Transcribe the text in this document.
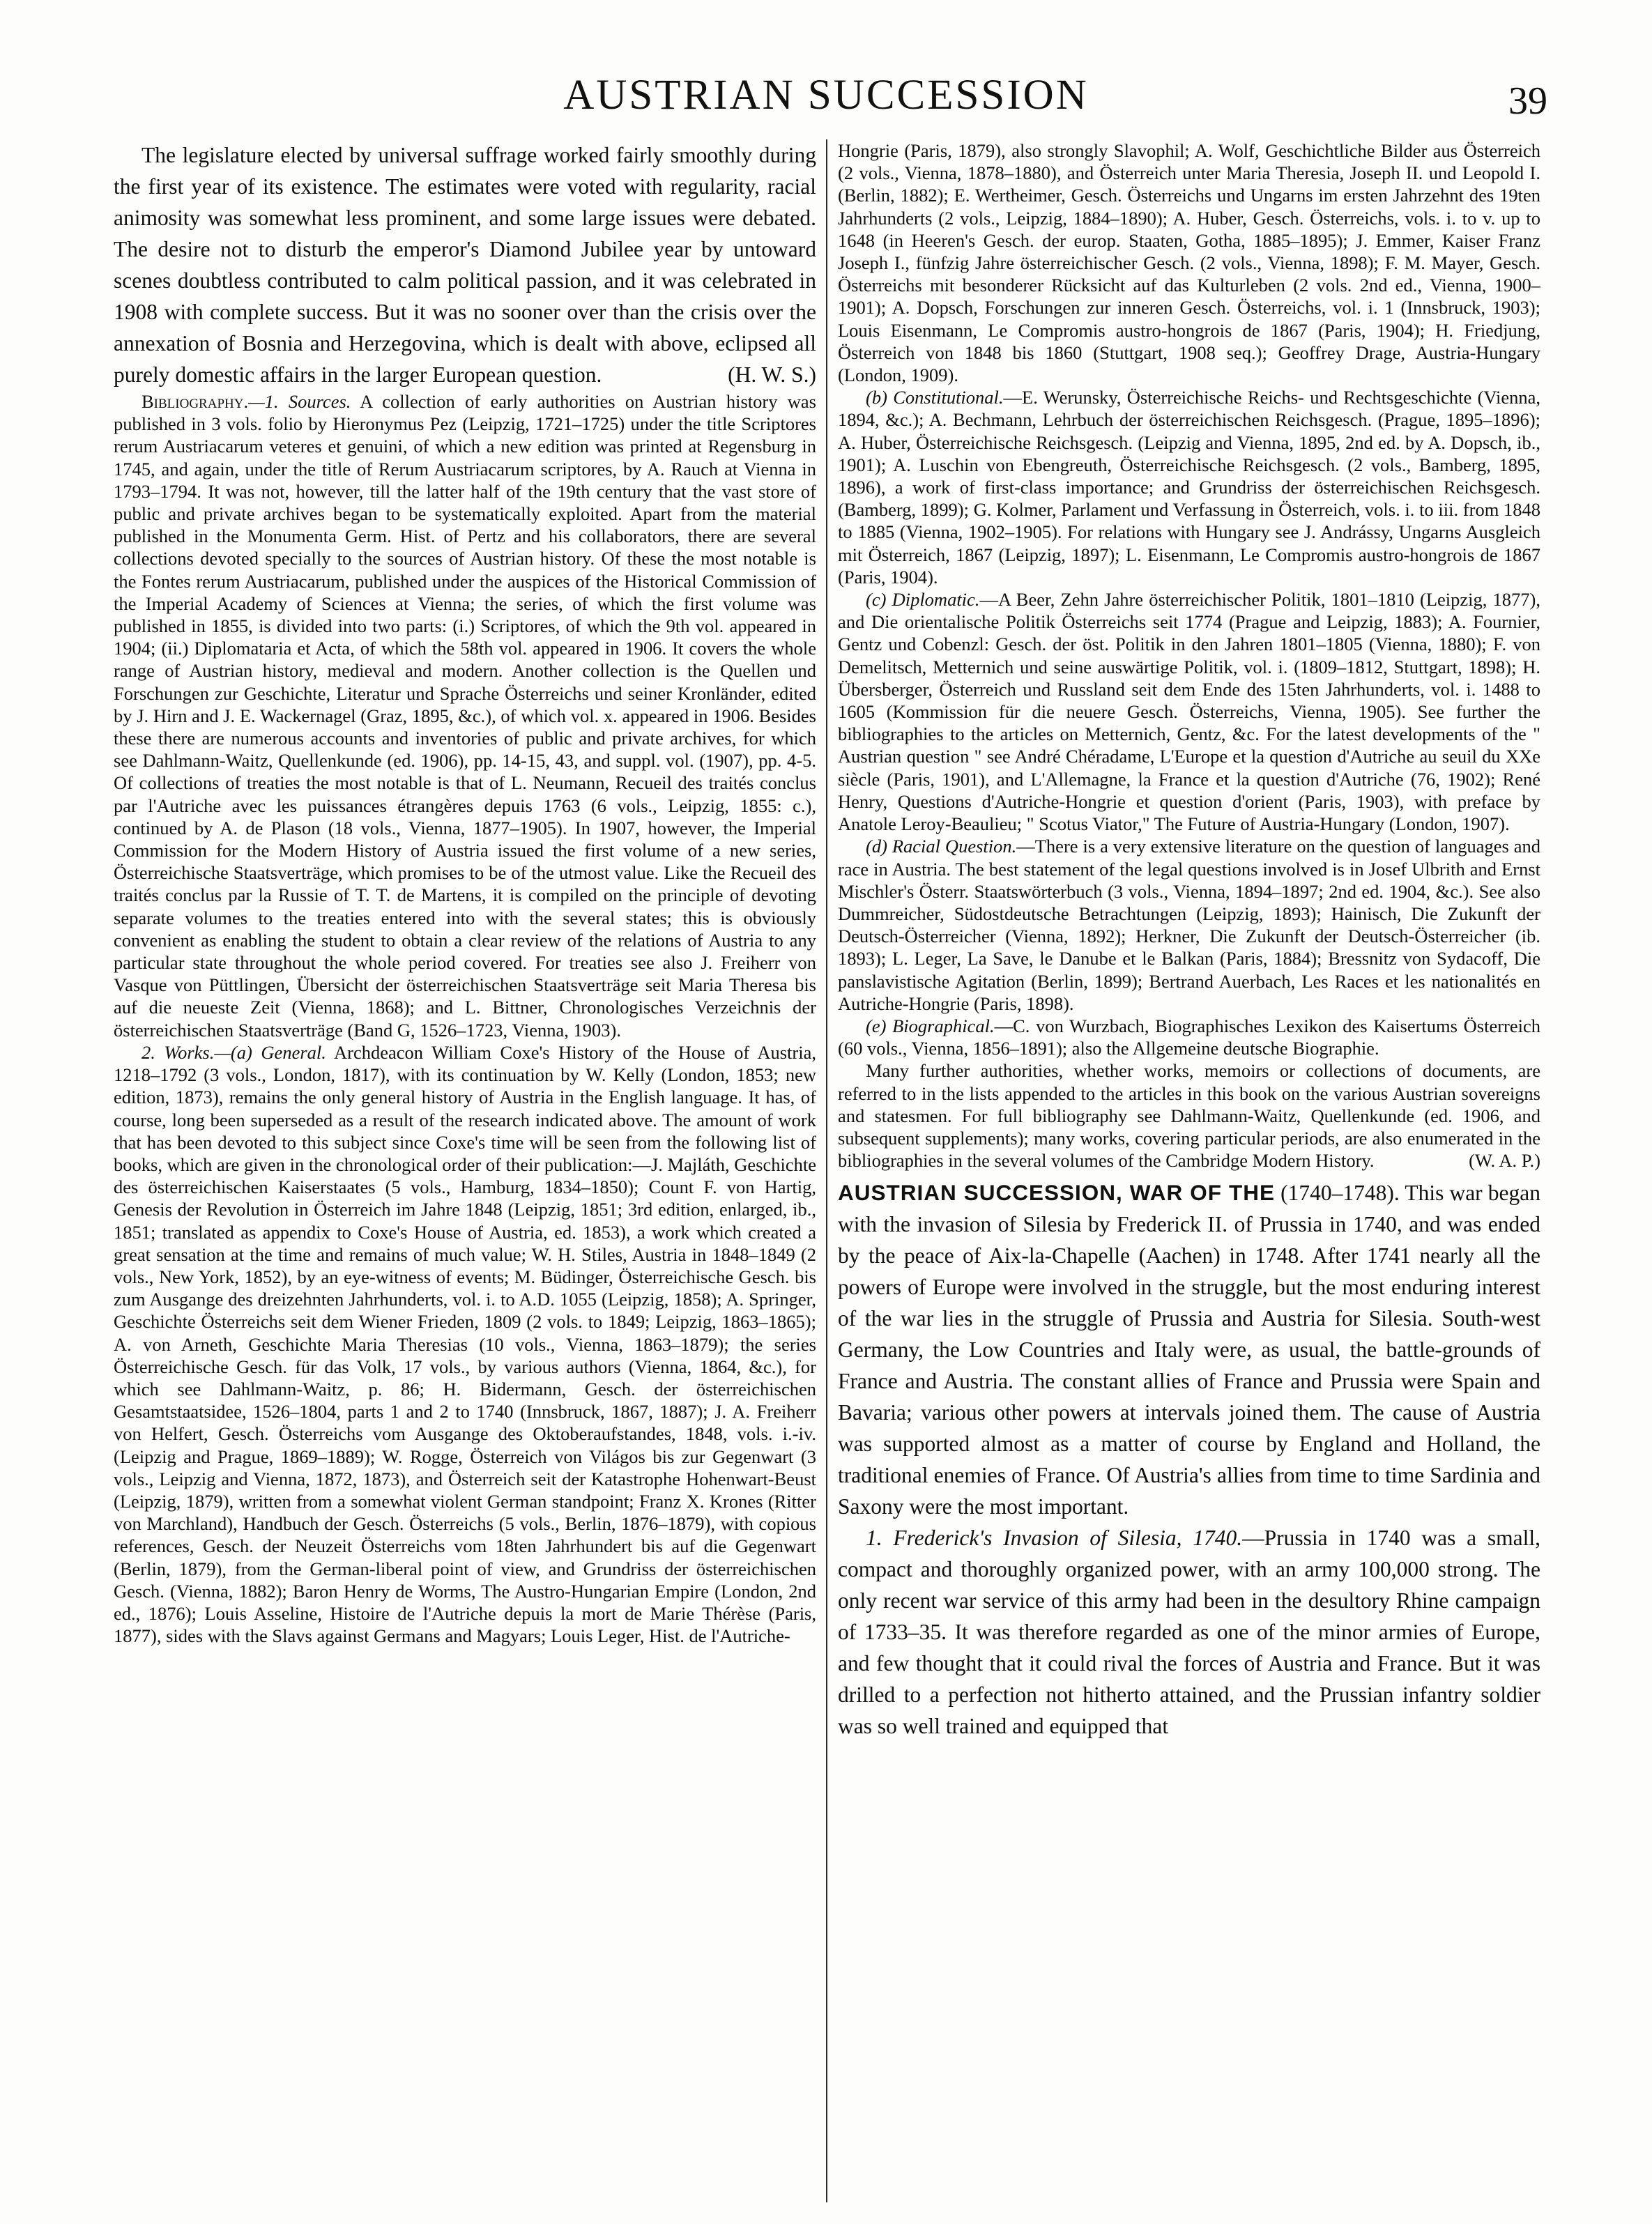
AUSTRIAN SUCCESSION	39

The legislature elected by universal suffrage worked fairly smoothly during the first year of its existence. The estimates were voted with regularity, racial animosity was somewhat less prominent, and some large issues were debated. The desire not to disturb the emperor's Diamond Jubilee year by untoward scenes doubtless contributed to calm political passion, and it was celebrated in 1908 with complete success. But it was no sooner over than the crisis over the annexation of Bosnia and Herzegovina, which is dealt with above, eclipsed all purely domestic affairs in the larger European question.	(H. W. S.)

Bibliography.—1. Sources. A collection of early authorities on Austrian history was published in 3 vols. folio by Hieronymus Pez (Leipzig, 1721–1725) under the title Scriptores rerum Austriacarum veteres et genuini, of which a new edition was printed at Regensburg in 1745, and again, under the title of Rerum Austriacarum scriptores, by A. Rauch at Vienna in 1793–1794. It was not, however, till the latter half of the 19th century that the vast store of public and private archives began to be systematically exploited. Apart from the material published in the Monumenta Germ. Hist. of Pertz and his collaborators, there are several collections devoted specially to the sources of Austrian history. Of these the most notable is the Fontes rerum Austriacarum, published under the auspices of the Historical Commission of the Imperial Academy of Sciences at Vienna; the series, of which the first volume was published in 1855, is divided into two parts: (i.) Scriptores, of which the 9th vol. appeared in 1904; (ii.) Diplomataria et Acta, of which the 58th vol. appeared in 1906. It covers the whole range of Austrian history, medieval and modern. Another collection is the Quellen und Forschungen zur Geschichte, Literatur und Sprache Österreichs und seiner Kronländer, edited by J. Hirn and J. E. Wackernagel (Graz, 1895, &c.), of which vol. x. appeared in 1906. Besides these there are numerous accounts and inventories of public and private archives, for which see Dahlmann-Waitz, Quellenkunde (ed. 1906), pp. 14-15, 43, and suppl. vol. (1907), pp. 4-5. Of collections of treaties the most notable is that of L. Neumann, Recueil des traités conclus par l'Autriche avec les puissances étrangères depuis 1763 (6 vols., Leipzig, 1855: c.), continued by A. de Plason (18 vols., Vienna, 1877–1905). In 1907, however, the Imperial Commission for the Modern History of Austria issued the first volume of a new series, Österreichische Staatsverträge, which promises to be of the utmost value. Like the Recueil des traités conclus par la Russie of T. T. de Martens, it is compiled on the principle of devoting separate volumes to the treaties entered into with the several states; this is obviously convenient as enabling the student to obtain a clear review of the relations of Austria to any particular state throughout the whole period covered. For treaties see also J. Freiherr von Vasque von Püttlingen, Übersicht der österreichischen Staatsverträge seit Maria Theresa bis auf die neueste Zeit (Vienna, 1868); and L. Bittner, Chronologisches Verzeichnis der österreichischen Staatsverträge (Band G, 1526–1723, Vienna, 1903).

2. Works.—(a) General. Archdeacon William Coxe's History of the House of Austria, 1218–1792 (3 vols., London, 1817), with its continuation by W. Kelly (London, 1853; new edition, 1873), remains the only general history of Austria in the English language. It has, of course, long been superseded as a result of the research indicated above. The amount of work that has been devoted to this subject since Coxe's time will be seen from the following list of books, which are given in the chronological order of their publication:—J. Majláth, Geschichte des österreichischen Kaiserstaates (5 vols., Hamburg, 1834–1850); Count F. von Hartig, Genesis der Revolution in Österreich im Jahre 1848 (Leipzig, 1851; 3rd edition, enlarged, ib., 1851; translated as appendix to Coxe's House of Austria, ed. 1853), a work which created a great sensation at the time and remains of much value; W. H. Stiles, Austria in 1848–1849 (2 vols., New York, 1852), by an eye-witness of events; M. Büdinger, Österreichische Gesch. bis zum Ausgange des dreizehnten Jahrhunderts, vol. i. to A.D. 1055 (Leipzig, 1858); A. Springer, Geschichte Österreichs seit dem Wiener Frieden, 1809 (2 vols. to 1849; Leipzig, 1863–1865); A. von Arneth, Geschichte Maria Theresias (10 vols., Vienna, 1863–1879); the series Österreichische Gesch. für das Volk, 17 vols., by various authors (Vienna, 1864, &c.), for which see Dahlmann-Waitz, p. 86; H. Bidermann, Gesch. der österreichischen Gesamtstaatsidee, 1526–1804, parts 1 and 2 to 1740 (Innsbruck, 1867, 1887); J. A. Freiherr von Helfert, Gesch. Österreichs vom Ausgange des Oktoberaufstandes, 1848, vols. i.-iv. (Leipzig and Prague, 1869–1889); W. Rogge, Österreich von Világos bis zur Gegenwart (3 vols., Leipzig and Vienna, 1872, 1873), and Österreich seit der Katastrophe Hohenwart-Beust (Leipzig, 1879), written from a somewhat violent German standpoint; Franz X. Krones (Ritter von Marchland), Handbuch der Gesch. Österreichs (5 vols., Berlin, 1876–1879), with copious references, Gesch. der Neuzeit Österreichs vom 18ten Jahrhundert bis auf die Gegenwart (Berlin, 1879), from the German-liberal point of view, and Grundriss der österreichischen Gesch. (Vienna, 1882); Baron Henry de Worms, The Austro-Hungarian Empire (London, 2nd ed., 1876); Louis Asseline, Histoire de l'Autriche depuis la mort de Marie Thérèse (Paris, 1877), sides with the Slavs against Germans and Magyars; Louis Leger, Hist. de l'Autriche-

Hongrie (Paris, 1879), also strongly Slavophil; A. Wolf, Geschichtliche Bilder aus Österreich (2 vols., Vienna, 1878–1880), and Österreich unter Maria Theresia, Joseph II. und Leopold I. (Berlin, 1882); E. Wertheimer, Gesch. Österreichs und Ungarns im ersten Jahrzehnt des 19ten Jahrhunderts (2 vols., Leipzig, 1884–1890); A. Huber, Gesch. Österreichs, vols. i. to v. up to 1648 (in Heeren's Gesch. der europ. Staaten, Gotha, 1885–1895); J. Emmer, Kaiser Franz Joseph I., fünfzig Jahre österreichischer Gesch. (2 vols., Vienna, 1898); F. M. Mayer, Gesch. Österreichs mit besonderer Rücksicht auf das Kulturleben (2 vols. 2nd ed., Vienna, 1900–1901); A. Dopsch, Forschungen zur inneren Gesch. Österreichs, vol. i. 1 (Innsbruck, 1903); Louis Eisenmann, Le Compromis austro-hongrois de 1867 (Paris, 1904); H. Friedjung, Österreich von 1848 bis 1860 (Stuttgart, 1908 seq.); Geoffrey Drage, Austria-Hungary (London, 1909).

(b) Constitutional.—E. Werunsky, Österreichische Reichs- und Rechtsgeschichte (Vienna, 1894, &c.); A. Bechmann, Lehrbuch der österreichischen Reichsgesch. (Prague, 1895–1896); A. Huber, Österreichische Reichsgesch. (Leipzig and Vienna, 1895, 2nd ed. by A. Dopsch, ib., 1901); A. Luschin von Ebengreuth, Österreichische Reichsgesch. (2 vols., Bamberg, 1895, 1896), a work of first-class importance; and Grundriss der österreichischen Reichsgesch. (Bamberg, 1899); G. Kolmer, Parlament und Verfassung in Österreich, vols. i. to iii. from 1848 to 1885 (Vienna, 1902–1905). For relations with Hungary see J. Andrássy, Ungarns Ausgleich mit Österreich, 1867 (Leipzig, 1897); L. Eisenmann, Le Compromis austro-hongrois de 1867 (Paris, 1904).

(c) Diplomatic.—A Beer, Zehn Jahre österreichischer Politik, 1801–1810 (Leipzig, 1877), and Die orientalische Politik Österreichs seit 1774 (Prague and Leipzig, 1883); A. Fournier, Gentz und Cobenzl: Gesch. der öst. Politik in den Jahren 1801–1805 (Vienna, 1880); F. von Demelitsch, Metternich und seine auswärtige Politik, vol. i. (1809–1812, Stuttgart, 1898); H. Übersberger, Österreich und Russland seit dem Ende des 15ten Jahrhunderts, vol. i. 1488 to 1605 (Kommission für die neuere Gesch. Österreichs, Vienna, 1905). See further the bibliographies to the articles on Metternich, Gentz, &c. For the latest developments of the " Austrian question " see André Chéradame, L'Europe et la question d'Autriche au seuil du XXe siècle (Paris, 1901), and L'Allemagne, la France et la question d'Autriche (76, 1902); René Henry, Questions d'Autriche-Hongrie et question d'orient (Paris, 1903), with preface by Anatole Leroy-Beaulieu; " Scotus Viator," The Future of Austria-Hungary (London, 1907).

(d) Racial Question.—There is a very extensive literature on the question of languages and race in Austria. The best statement of the legal questions involved is in Josef Ulbrith and Ernst Mischler's Österr. Staatswörterbuch (3 vols., Vienna, 1894–1897; 2nd ed. 1904, &c.). See also Dummreicher, Südostdeutsche Betrachtungen (Leipzig, 1893); Hainisch, Die Zukunft der Deutsch-Österreicher (Vienna, 1892); Herkner, Die Zukunft der Deutsch-Österreicher (ib. 1893); L. Leger, La Save, le Danube et le Balkan (Paris, 1884); Bressnitz von Sydacoff, Die panslavistische Agitation (Berlin, 1899); Bertrand Auerbach, Les Races et les nationalités en Autriche-Hongrie (Paris, 1898).

(e) Biographical.—C. von Wurzbach, Biographisches Lexikon des Kaisertums Österreich (60 vols., Vienna, 1856–1891); also the Allgemeine deutsche Biographie.

Many further authorities, whether works, memoirs or collections of documents, are referred to in the lists appended to the articles in this book on the various Austrian sovereigns and statesmen. For full bibliography see Dahlmann-Waitz, Quellenkunde (ed. 1906, and subsequent supplements); many works, covering particular periods, are also enumerated in the bibliographies in the several volumes of the Cambridge Modern History.	(W. A. P.)

AUSTRIAN SUCCESSION, WAR OF THE (1740–1748). This war began with the invasion of Silesia by Frederick II. of Prussia in 1740, and was ended by the peace of Aix-la-Chapelle (Aachen) in 1748. After 1741 nearly all the powers of Europe were involved in the struggle, but the most enduring interest of the war lies in the struggle of Prussia and Austria for Silesia. South-west Germany, the Low Countries and Italy were, as usual, the battle-grounds of France and Austria. The constant allies of France and Prussia were Spain and Bavaria; various other powers at intervals joined them. The cause of Austria was supported almost as a matter of course by England and Holland, the traditional enemies of France. Of Austria's allies from time to time Sardinia and Saxony were the most important.

1. Frederick's Invasion of Silesia, 1740.—Prussia in 1740 was a small, compact and thoroughly organized power, with an army 100,000 strong. The only recent war service of this army had been in the desultory Rhine campaign of 1733–35. It was therefore regarded as one of the minor armies of Europe, and few thought that it could rival the forces of Austria and France. But it was drilled to a perfection not hitherto attained, and the Prussian infantry soldier was so well trained and equipped that
